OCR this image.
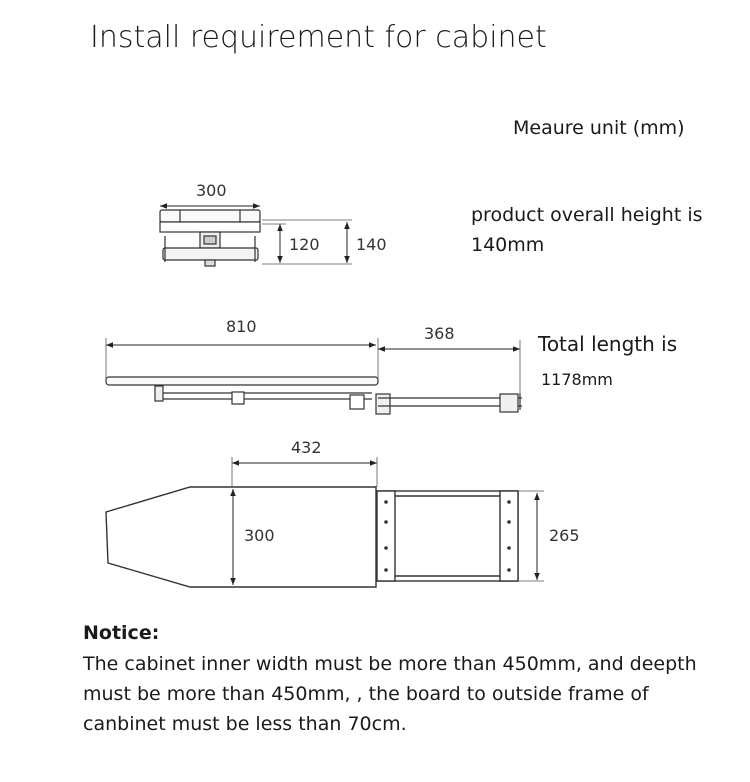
Install requirement for cabinet
Meaure unit (mm)
product overall height is
140mm
Total length is
1178mm
300
120 140
810	368
432
300	265
Notice:
The cabinet inner width must be more than 450mm, and deepth
must be more than 450mm, , the board to outside frame of
canbinet must be less than 70cm.
